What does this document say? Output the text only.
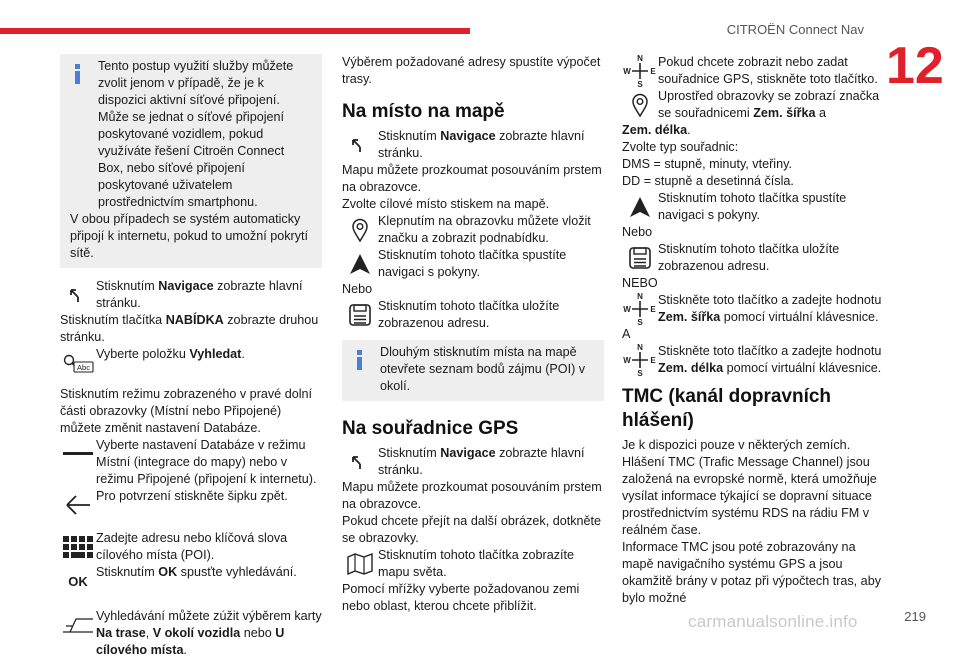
CITROËN Connect Nav
12

Tento postup využití služby můžete zvolit jenom v případě, že je k dispozici aktivní síťové připojení. Může se jednat o síťové připojení poskytované vozidlem, pokud využíváte řešení Citroën Connect Box, nebo síťové připojení poskytované uživatelem prostřednictvím smartphonu.

V obou případech se systém automaticky připojí k internetu, pokud to umožní pokrytí sítě.

Stisknutím Navigace zobrazte hlavní stránku.

Stisknutím tlačítka NABÍDKA zobrazte druhou stránku.

Abc
Vyberte položku Vyhledat.

Stisknutím režimu zobrazeného v pravé dolní části obrazovky (Místní nebo Připojené) můžete změnit nastavení Databáze.

Vyberte nastavení Databáze v režimu Místní (integrace do mapy) nebo v režimu Připojené (připojení k internetu).
Pro potvrzení stiskněte šipku zpět.
Zadejte adresu nebo klíčová slova cílového místa (POI).
OK
Stisknutím OK spusťte vyhledávání.
Vyhledávání můžete zúžit výběrem karty Na trase, V okolí vozidla nebo U cílového místa.

Výběrem požadované adresy spustíte výpočet trasy.

Na místo na mapě
Stisknutím Navigace zobrazte hlavní stránku.

Mapu můžete prozkoumat posouváním prstem na obrazovce.

Zvolte cílové místo stiskem na mapě.

Klepnutím na obrazovku můžete vložit značku a zobrazit podnabídku.
Stisknutím tohoto tlačítka spustíte navigaci s pokyny.

Nebo

Stisknutím tohoto tlačítka uložíte zobrazenou adresu.

Dlouhým stisknutím místa na mapě otevřete seznam bodů zájmu (POI) v okolí.

Na souřadnice GPS
Stisknutím Navigace zobrazte hlavní stránku.

Mapu můžete prozkoumat posouváním prstem na obrazovce.

Pokud chcete přejít na další obrázek, dotkněte se obrazovky.

Stisknutím tohoto tlačítka zobrazíte mapu světa.

Pomocí mřížky vyberte požadovanou zemi nebo oblast, kterou chcete přiblížit.

N
S
W E
Pokud chcete zobrazit nebo zadat souřadnice GPS, stiskněte toto tlačítko.
Uprostřed obrazovky se zobrazí značka se souřadnicemi Zem. šířka a

Zem. délka.

Zvolte typ souřadnic:

DMS = stupně, minuty, vteřiny.

DD = stupně a desetinná čísla.

Stisknutím tohoto tlačítka spustíte navigaci s pokyny.

Nebo

Stisknutím tohoto tlačítka uložíte zobrazenou adresu.

NEBO

N
S
W E
Stiskněte toto tlačítko a zadejte hodnotu Zem. šířka pomocí virtuální klávesnice.

A

N
S
W E
Stiskněte toto tlačítko a zadejte hodnotu Zem. délka pomocí virtuální klávesnice.
TMC (kanál dopravních hlášení)

Je k dispozici pouze v některých zemích.

Hlášení TMC (Trafic Message Channel) jsou založená na evropské normě, která umožňuje vysílat informace týkající se dopravní situace prostřednictvím systému RDS na rádiu FM v reálném čase.

Informace TMC jsou poté zobrazovány na mapě navigačního systému GPS a jsou okamžitě brány v potaz při výpočtech tras, aby bylo možné

carmanualsonline.info	219
